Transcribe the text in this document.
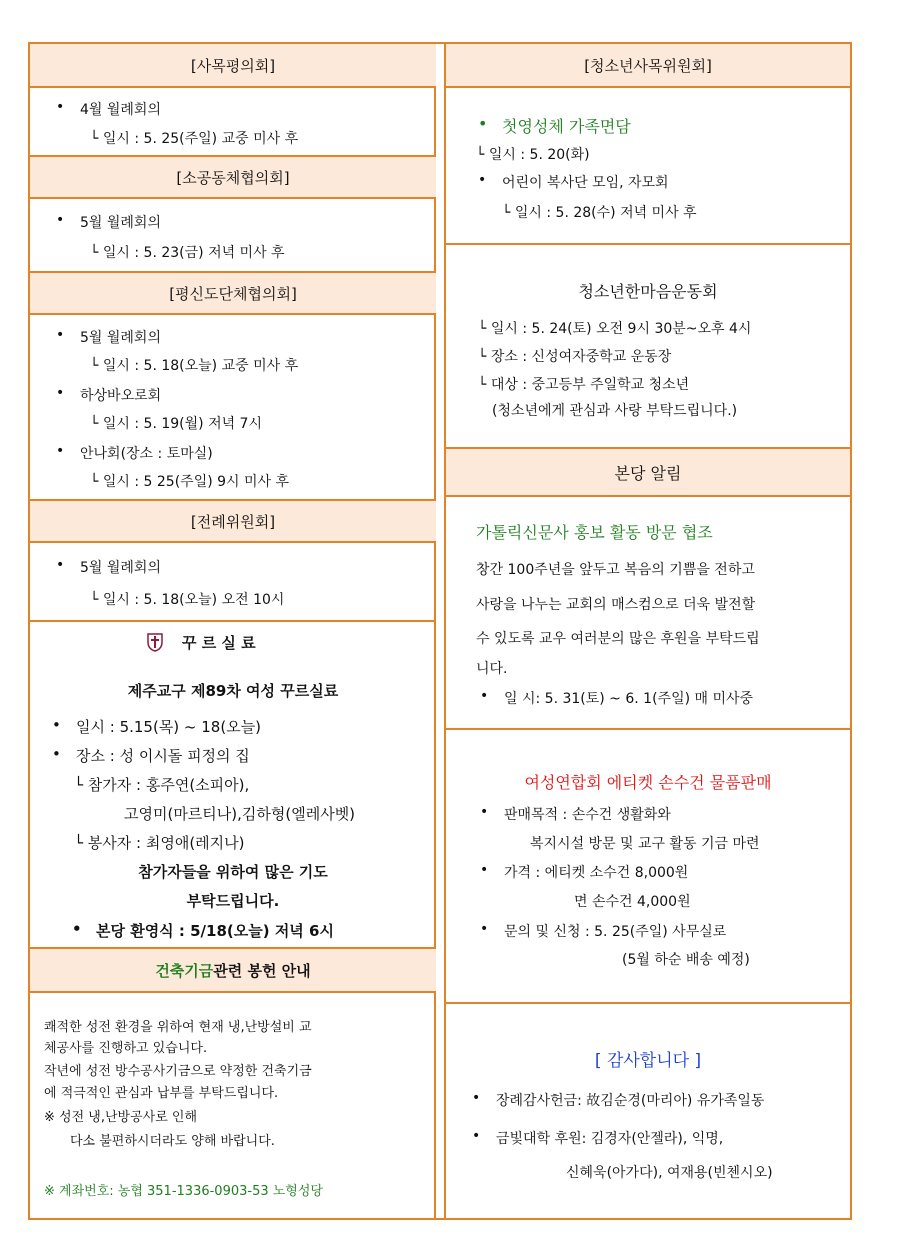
[사목평의회]
• 4월 월례회의
└ 일시 : 5. 25(주일) 교중 미사 후
[소공동체협의회]
• 5월 월례회의
└ 일시 : 5. 23(금) 저녁 미사 후
[평신도단체협의회]
• 5월 월례회의
└ 일시 : 5. 18(오늘) 교중 미사 후
• 하상바오로회
└ 일시 : 5. 19(월) 저녁 7시
• 안나회(장소 : 토마실)
└ 일시 : 5 25(주일) 9시 미사 후
[전례위원회]
• 5월 월례회의
└ 일시 : 5. 18(오늘) 오전 10시
꾸 르 실 료
제주교구 제89차 여성 꾸르실료
• 일시 : 5.15(목) ~ 18(오늘)
• 장소 : 성 이시돌 피정의 집
└ 참가자 : 홍주연(소피아),
고영미(마르티나),김하형(엘레사벳)
└ 봉사자 : 최영애(레지나)
참가자들을 위하여 많은 기도
부탁드립니다.
• 본당 환영식 : 5/18(오늘) 저녁 6시
건축기금 관련 봉헌 안내
쾌적한 성전 환경을 위하여 현재 냉,난방설비 교
체공사를 진행하고 있습니다.
작년에 성전 방수공사기금으로 약정한 건축기금
에 적극적인 관심과 납부를 부탁드립니다.
※ 성전 냉,난방공사로 인해
다소 불편하시더라도 양해 바랍니다.
※ 계좌번호: 농협 351-1336-0903-53 노형성당
[청소년사목위원회]
• 첫영성체 가족면담
└ 일시 : 5. 20(화)
• 어린이 복사단 모임, 자모회
└ 일시 : 5. 28(수) 저녁 미사 후
청소년한마음운동회
└ 일시 : 5. 24(토) 오전 9시 30분~오후 4시
└ 장소 : 신성여자중학교 운동장
└ 대상 : 중고등부 주일학교 청소년
(청소년에게 관심과 사랑 부탁드립니다.)
본당 알림
가톨릭신문사 홍보 활동 방문 협조
창간 100주년을 앞두고 복음의 기쁨을 전하고
사랑을 나누는 교회의 매스컴으로 더욱 발전할
수 있도록 교우 여러분의 많은 후원을 부탁드립
니다.
• 일 시: 5. 31(토) ~ 6. 1(주일) 매 미사중
여성연합회 에티켓 손수건 물품판매
• 판매목적 : 손수건 생활화와
복지시설 방문 및 교구 활동 기금 마련
• 가격 : 에티켓 소수건 8,000원
면 손수건 4,000원
• 문의 및 신청 : 5. 25(주일) 사무실로
(5월 하순 배송 예정)
[ 감사합니다 ]
• 장례감사헌금: 故김순경(마리아) 유가족일동
• 금빛대학 후원: 김경자(안젤라), 익명,
신혜욱(아가다), 여재용(빈첸시오)
